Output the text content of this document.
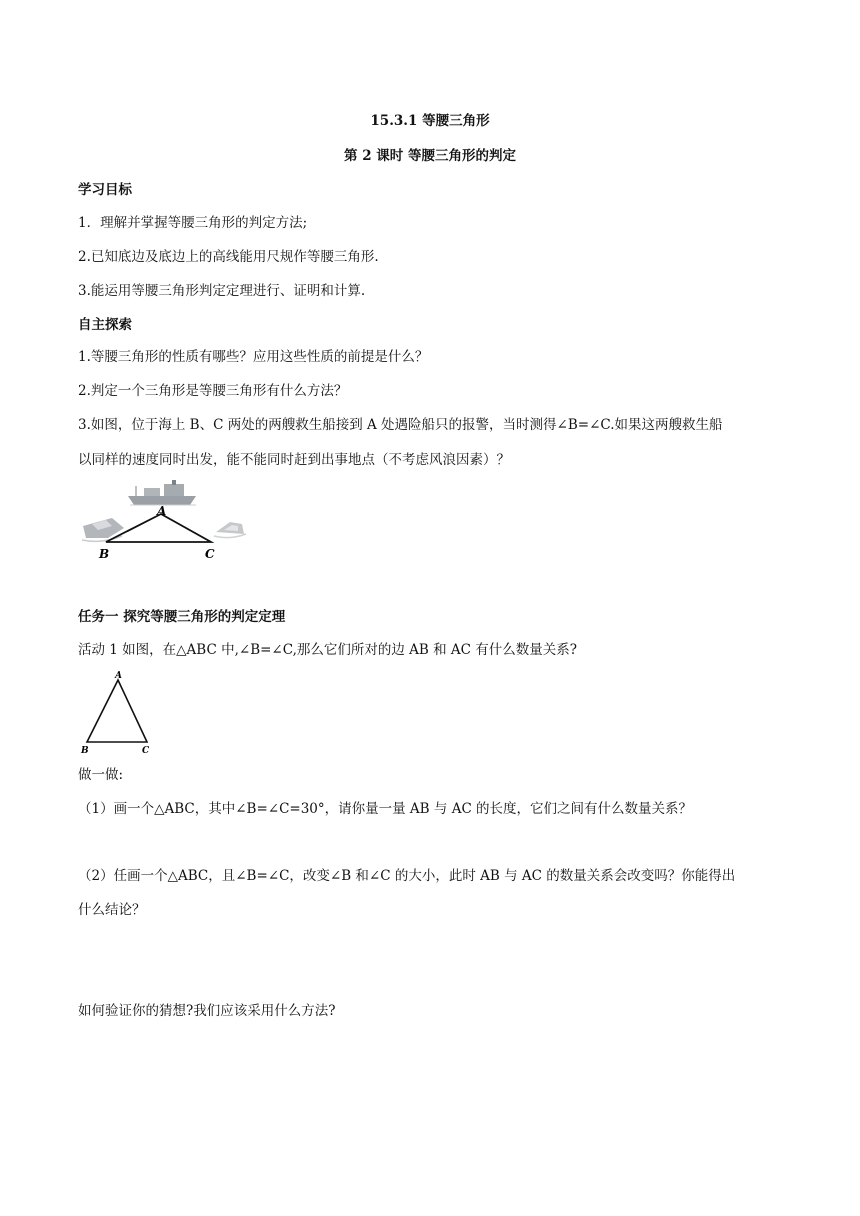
15.3.1 等腰三角形
第 2 课时 等腰三角形的判定
学习目标
1．理解并掌握等腰三角形的判定方法;
2.已知底边及底边上的高线能用尺规作等腰三角形.
3.能运用等腰三角形判定定理进行、证明和计算.
自主探索
1.等腰三角形的性质有哪些？应用这些性质的前提是什么？
2.判定一个三角形是等腰三角形有什么方法？
3.如图，位于海上 B、C 两处的两艘救生船接到 A 处遇险船只的报警，当时测得∠B=∠C.如果这两艘救生船
以同样的速度同时出发，能不能同时赶到出事地点（不考虑风浪因素）？
A
B	C
任务一 探究等腰三角形的判定定理
活动 1 如图，在△ABC 中,∠B=∠C,那么它们所对的边 AB 和 AC 有什么数量关系?
A
B	C
做一做:
（1）画一个△ABC，其中∠B=∠C=30°，请你量一量 AB 与 AC 的长度，它们之间有什么数量关系？
（2）任画一个△ABC，且∠B=∠C，改变∠B 和∠C 的大小，此时 AB 与 AC 的数量关系会改变吗？你能得出
什么结论？
如何验证你的猜想?我们应该采用什么方法?
